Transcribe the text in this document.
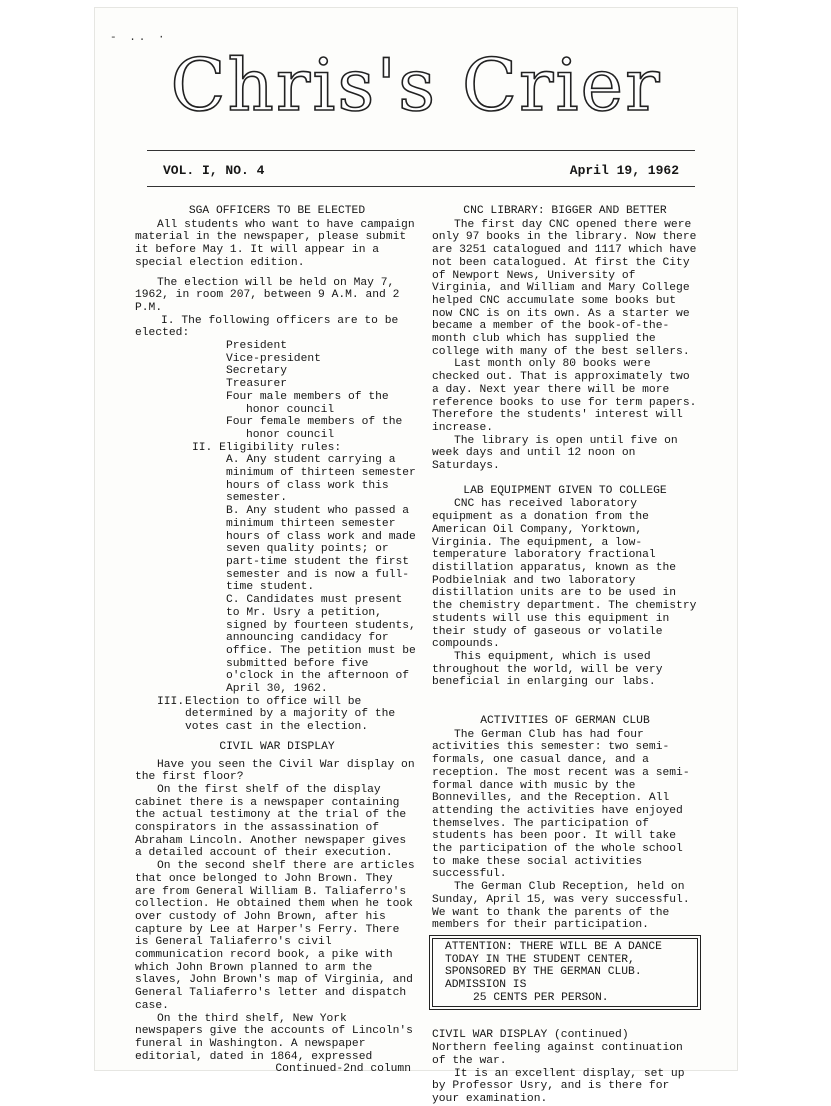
- .. ·
Chris's Crier
VOL. I, NO. 4	April 19, 1962

SGA OFFICERS TO BE ELECTED

All students who want to have campaign material in the newspaper, please submit it before May 1. It will appear in a special election edition.

The election will be held on May 7, 1962, in room 207, between 9 A.M. and 2 P.M.

I. The following officers are to be elected:

President

Vice-president

Secretary

Treasurer

Four male members of the

honor council

Four female members of the

honor council

II. Eligibility rules:

A. Any student carrying a minimum of thirteen semester hours of class work this semester.

B. Any student who passed a minimum thirteen semester hours of class work and made seven quality points; or part-time student the first semester and is now a full-time student.

C. Candidates must present to Mr. Usry a petition, signed by fourteen students, announcing candidacy for office. The petition must be submitted before five o'clock in the afternoon of April 30, 1962.

III. Election to office will be determined by a majority of the votes cast in the election.

CIVIL WAR DISPLAY

Have you seen the Civil War display on the first floor?

On the first shelf of the display cabinet there is a newspaper containing the actual testimony at the trial of the conspirators in the assassination of Abraham Lincoln. Another newspaper gives a detailed account of their execution.

On the second shelf there are articles that once belonged to John Brown. They are from General William B. Taliaferro's collection. He obtained them when he took over custody of John Brown, after his capture by Lee at Harper's Ferry. There is General Taliaferro's civil communication record book, a pike with which John Brown planned to arm the slaves, John Brown's map of Virginia, and General Taliaferro's letter and dispatch case.

On the third shelf, New York newspapers give the accounts of Lincoln's funeral in Washington. A newspaper editorial, dated in 1864, expressed

Continued-2nd column

CNC LIBRARY: BIGGER AND BETTER

The first day CNC opened there were only 97 books in the library. Now there are 3251 catalogued and 1117 which have not been catalogued. At first the City of Newport News, University of Virginia, and William and Mary College helped CNC accumulate some books but now CNC is on its own. As a starter we became a member of the book-of-the-month club which has supplied the college with many of the best sellers.

Last month only 80 books were checked out. That is approximately two a day. Next year there will be more reference books to use for term papers. Therefore the students' interest will increase.

The library is open until five on week days and until 12 noon on Saturdays.

LAB EQUIPMENT GIVEN TO COLLEGE

CNC has received laboratory equipment as a donation from the American Oil Company, Yorktown, Virginia. The equipment, a low-temperature laboratory fractional distillation apparatus, known as the Podbielniak and two laboratory distillation units are to be used in the chemistry department. The chemistry students will use this equipment in their study of gaseous or volatile compounds.

This equipment, which is used throughout the world, will be very beneficial in enlarging our labs.

ACTIVITIES OF GERMAN CLUB

The German Club has had four activities this semester: two semi-formals, one casual dance, and a reception. The most recent was a semi-formal dance with music by the Bonnevilles, and the Reception. All attending the activities have enjoyed themselves. The participation of students has been poor. It will take the participation of the whole school to make these social activities successful.

The German Club Reception, held on Sunday, April 15, was very successful. We want to thank the parents of the members for their participation.

ATTENTION: THERE WILL BE A DANCE TODAY IN THE STUDENT CENTER, SPONSORED BY THE GERMAN CLUB. ADMISSION IS

25 CENTS PER PERSON.

CIVIL WAR DISPLAY (continued)

Northern feeling against continuation of the war.

It is an excellent display, set up by Professor Usry, and is there for your examination.
